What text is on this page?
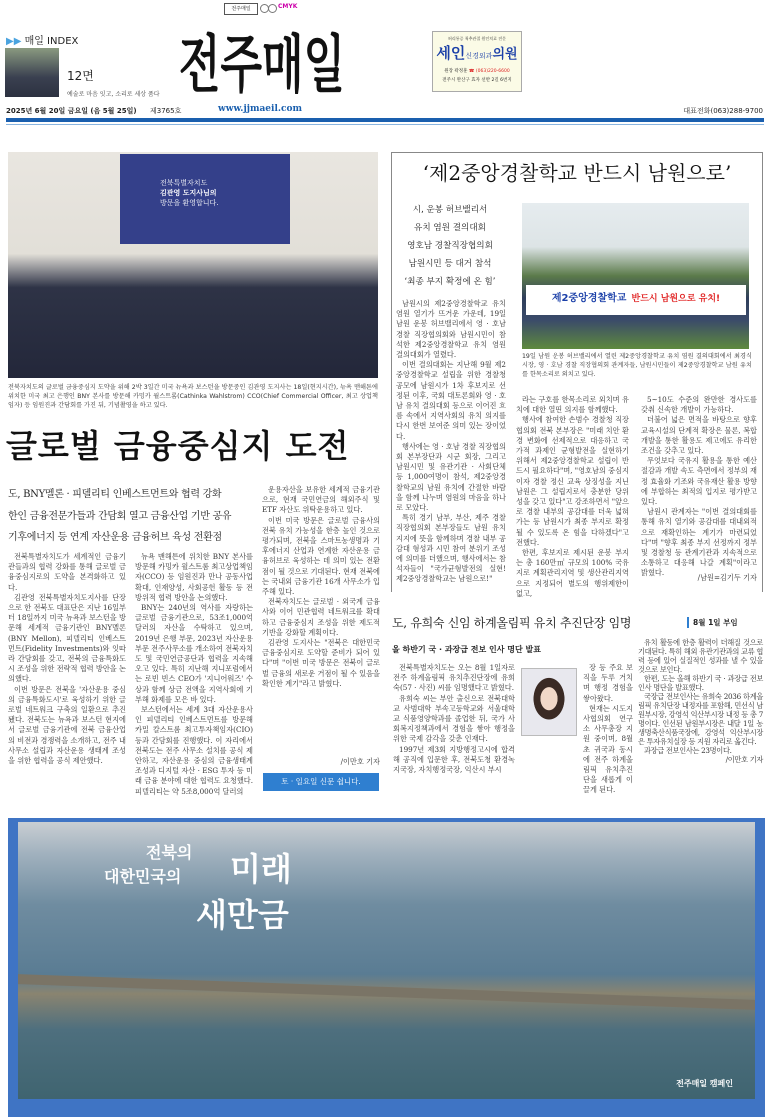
전주매일	CMYK
▶▶ 매일 INDEX
12면
예술로 마음 잇고, 소리로 세상 품다 전주매일	허리통증 척추관절 원인치료 전문
세인신경외과의원
원장 곽정훈 ☎ (063)220-6600
전주시 완산구 효자 선반 2길 6번지
2025년 6월 20일 금요일 (음 5월 25일) 제3765호	www.jjmaeil.com	대표전화(063)288-9700
전북특별자치도
김관영 도지사님의
방문을 환영합니다.
전북자치도의 글로벌 금융중심지 도약을 위해 2박 3일간 미국 뉴욕과 보스턴을 방문중인 김관영 도지사는 18일(현지시간), 뉴욕 맨해튼에 위치한 미국 최고 은행인 BNY 본사를 방문해 카밍카 윌스트롬(Cathinka Wahlstrom) CCO(Chief Commercial Officer, 최고 상업책임자) 등 임원진과 간담회를 가진 뒤, 기념촬영을 하고 있다.
글로벌 금융중심지 도전
도, BNY멜론 · 피델리티 인베스트먼트와 협력 강화
한인 금융전문가들과 간담회 열고 금융산업 기반 공유
기후에너지 등 연계 자산운용 금융허브 육성 전환점

전북특별자치도가 세계적인 금융기관들과의 협력 강화를 통해 글로벌 금융중심지로의 도약을 본격화하고 있다.

김관영 전북특별자치도지사를 단장으로 한 전북도 대표단은 지난 16일부터 18일까지 미국 뉴욕과 보스턴을 방문해 세계적 금융기관인 BNY멜론(BNY Mellon), 피델리티 인베스트먼트(Fidelity Investments)와 잇따라 간담회를 갖고, 전북의 금융특화도시 조성을 위한 전략적 협력 방안을 논의했다.

이번 방문은 전북을 '자산운용 중심의 금융특화도시'로 육성하기 위한 글로벌 네트워크 구축의 일환으로 추진됐다. 전북도는 뉴욕과 보스턴 현지에서 글로벌 금융기관에 전북 금융산업의 비전과 경쟁력을 소개하고, 전주 내 사무소 설립과 자산운용 생태계 조성을 위한 협력을 공식 제안했다.

뉴욕 맨해튼에 위치한 BNY 본사를 방문해 카밍카 윌스트롬 최고상업책임자(CCO) 등 임원진과 만나 공동사업 확대, 인재양성, 사회공헌 활동 등 전방위적 협력 방안을 논의했다.

BNY는 240년의 역사를 자랑하는 글로벌 금융기관으로, 53조1,000억 달러의 자산을 수탁하고 있으며, 2019년 은행 부문, 2023년 자산운용 부문 전주사무소를 개소하여 전북자치도 및 국민연금공단과 협력을 지속해오고 있다. 특히 지난해 지니포럼에서는 로빈 빈스 CEO가 '지니어워즈' 수상과 함께 상금 전액을 지역사회에 기부해 화제를 모은 바 있다.

보스턴에서는 세계 3대 자산운용사인 피델리티 인베스트먼트를 방문해 카밀 칼스트롬 최고투자책임자(CIO) 등과 간담회를 진행했다. 이 자리에서 전북도는 전주 사무소 설치를 공식 제안하고, 자산운용 중심의 금융생태계 조성과 디지털 자산 · ESG 투자 등 미래 금융 분야에 대한 협력도 요청했다. 피델리티는 약 5조8,000억 달러의

운용자산을 보유한 세계적 금융기관으로, 현재 국민연금의 해외주식 및 ETF 자산도 위탁운용하고 있다.

이번 미국 방문은 글로벌 금융사의 전북 유치 가능성을 한층 높인 것으로 평가되며, 전북을 스마트농생명과 기후에너지 산업과 연계한 자산운용 금융허브로 육성하는 데 의미 있는 전환점이 될 것으로 기대된다. 현재 전북에는 국내외 금융기관 16개 사무소가 입주해 있다.

전북자치도는 글로벌 · 외국계 금융사와 이어 민관협력 네트워크를 확대하고 금융중심지 조성을 위한 제도적 기반을 강화할 계획이다.

김관영 도지사는 "전북은 대한민국 금융중심지로 도약할 준비가 되어 있다"며 "이번 미국 방문은 전북이 글로벌 금융의 새로운 거점이 될 수 있음을 확인한 계기"라고 밝혔다.

/이만호 기자
토 · 일요일 신문 쉽니다.
‘제2중앙경찰학교 반드시 남원으로’
시, 운봉 허브밸리서
유치 염원 결의대회
영호남 경찰직장협의회
남원시민 등 대거 참석
‘최종 부지 확정에 온 힘’
제2중앙경찰학교 반드시 남원으로 유치!
19일 남원 운봉 허브밸리에서 열린 제2중앙경찰학교 유치 염원 결의대회에서 최경식 시장, 영 · 호남 경찰 직장협의회 관계자들, 남원시민들이 제2중앙경찰학교 남원 유치를 한목소리로 외치고 있다.

남원시의 제2중앙경찰학교 유치 염원 열기가 뜨거운 가운데, 19일 남원 운봉 허브밸리에서 영 · 호남 경찰 직장협의회와 남원시민이 참석한 제2중앙경찰학교 유치 염원 결의대회가 열렸다.

이번 결의대회는 지난해 9월 제2중앙경찰학교 설립을 위한 경찰청 공모에 남원시가 1차 후보지로 선정된 이후, 국회 대토론회와 영 · 호남 유치 결의대회 등으로 이어진 흐름 속에서 지역사회의 유치 의지를 다시 한번 보여준 의미 있는 장이었다.

행사에는 영 · 호남 경찰 직장협의회 본부장단과 시군 회장, 그리고 남원시민 및 유관기관 · 사회단체 등 1,000여명이 참석, 제2중앙경찰학교의 남원 유치에 간절한 바람을 함께 나누며 염원의 마음을 하나로 모았다.

특히 경기 남부, 부산, 제주 경찰 직장협의회 본부장들도 남원 유치 지지에 뜻을 함께하며 경찰 내부 공감대 형성과 시민 참여 분위기 조성에 의미를 더했으며, 행사에서는 참석자들이 "국가균형발전의 실현! 제2중앙경찰학교는 남원으로!"

라는 구호를 한목소리로 외치며 유치에 대한 열띤 의지를 함께했다.

행사에 참여한 손범수 경찰청 직장협의회 전북 본부장은 "미래 치안 환경 변화에 선제적으로 대응하고 국가적 과제인 균형발전을 실현하기 위해서 제2중앙경찰학교 설립이 반드시 필요하다"며, "영호남의 중심지이자 경찰 정신 교육 상징성을 지닌 남원은 그 설립지로서 충분한 당위성을 갖고 있다"고 강조하면서 "앞으로 경찰 내부의 공감대를 더욱 넓혀가는 등 남원시가 최종 부지로 확정될 수 있도록 온 힘을 다하겠다"고 전했다.

한편, 후보지로 제시된 운봉 부지는 총 160만㎡ 규모의 100% 국유지로 계획관리지역 및 생산관리지역으로 지정되어 별도의 행위제한이 없고,

5~10도 수준의 완만한 경사도를 갖춰 신속한 개발이 가능하다.

더불어 넓은 면적을 바탕으로 향후 교육시설의 단계적 확장은 물론, 복합 개발을 통한 활용도 제고에도 유리한 조건을 갖추고 있다.

무엇보다 국유지 활용을 통한 예산 절감과 개발 속도 측면에서 정부의 재정 효율화 기조와 국유재산 활용 방향에 부합하는 최적의 입지로 평가받고 있다.

남원시 관계자는 "이번 결의대회를 통해 유치 열기와 공감대를 대내외적으로 재확인하는 계기가 마련되었다"며 "향후 최종 부지 선정까지 정부 및 경찰청 등 관계기관과 지속적으로 소통하고 대응해 나갈 계획"이라고 밝혔다.

/남원=김기두 기자
도, 유희숙 신임 하계올림픽 유치 추진단장 임명	8월 1일 부임
올 하반기 국 · 과장급 전보 인사 명단 발표

전북특별자치도는 오는 8월 1일자로 전주 하계올림픽 유치추진단장에 유희숙(57 · 사진) 씨를 임명했다고 밝혔다.

유희숙 씨는 부안 출신으로 전북대학교 사범대학 부속고등학교와 서울대학교 식품영양학과를 졸업한 뒤, 국가 사회복지정책과에서 경험을 쌓아 행정을 위한 국제 감각을 갖춘 인재다.

1997년 제3회 지방행정고시에 합격해 공직에 입문한 후, 전북도청 환경녹지국장, 자치행정국장, 익산시 부시

장 등 주요 보직을 두루 거치며 행정 경험을 쌓아왔다.

현재는 시도지사협의회 연구소 사무총장 지원 중이며, 8월 초 귀국과 동시에 전주 하계올림픽 유치추진단을 새롭게 이끌게 된다.

유치 활동에 한층 활력이 더해질 것으로 기대된다. 특히 해외 유관기관과의 교류 협력 등에 있어 실질적인 성과를 낼 수 있을 것으로 보인다.

한편, 도는 올해 하반기 국 · 과장급 전보 인사 명단을 발표했다.

국장급 전보인사는 유희숙 2036 하계올림픽 유치단장 내정자를 포함해, 민선식 남원부시장, 강영석 익산부시장 내정 등 총 7명이다. 인선된 남원부시장은 내달 1일 농생명축산식품국장에, 강영석 익산부시장은 투자유치실장 등 지원 자리로 옮긴다.

과장급 전보인사는 23명이다.

/이만호 기자
전북의
대한민국의 미래
새만금
전주매일 캠페인
